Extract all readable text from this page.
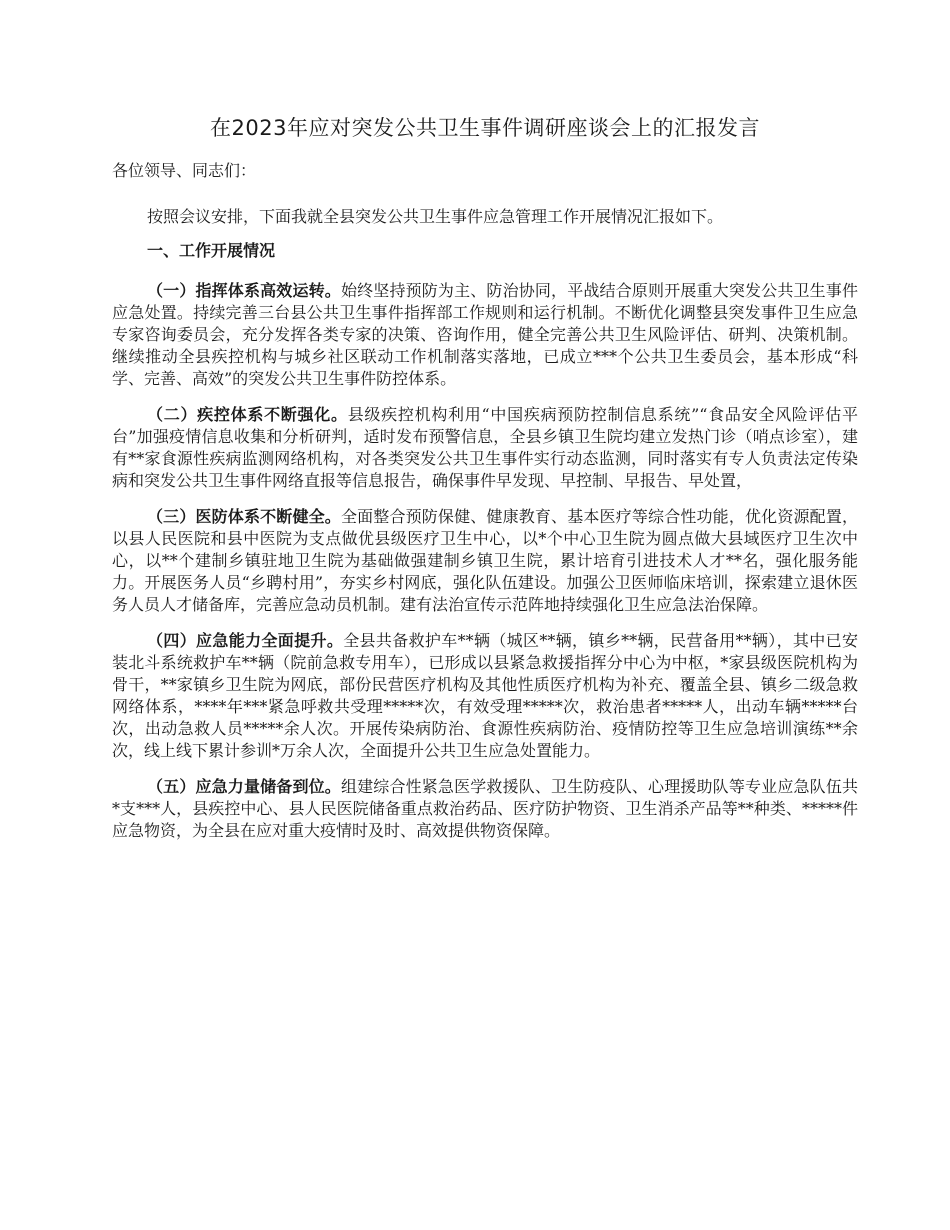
在2023年应对突发公共卫生事件调研座谈会上的汇报发言

各位领导、同志们：

按照会议安排，下面我就全县突发公共卫生事件应急管理工作开展情况汇报如下。

一、工作开展情况

（一）指挥体系高效运转。始终坚持预防为主、防治协同，平战结合原则开展重大突发公共卫生事件应急处置。持续完善三台县公共卫生事件指挥部工作规则和运行机制。不断优化调整县突发事件卫生应急专家咨询委员会，充分发挥各类专家的决策、咨询作用，健全完善公共卫生风险评估、研判、决策机制。继续推动全县疾控机构与城乡社区联动工作机制落实落地，已成立***个公共卫生委员会，基本形成“科学、完善、高效”的突发公共卫生事件防控体系。

（二）疾控体系不断强化。县级疾控机构利用“中国疾病预防控制信息系统”“食品安全风险评估平台”加强疫情信息收集和分析研判，适时发布预警信息，全县乡镇卫生院均建立发热门诊（哨点诊室），建有**家食源性疾病监测网络机构，对各类突发公共卫生事件实行动态监测，同时落实有专人负责法定传染病和突发公共卫生事件网络直报等信息报告，确保事件早发现、早控制、早报告、早处置，

（三）医防体系不断健全。全面整合预防保健、健康教育、基本医疗等综合性功能，优化资源配置，以县人民医院和县中医院为支点做优县级医疗卫生中心，以*个中心卫生院为圆点做大县域医疗卫生次中心，以**个建制乡镇驻地卫生院为基础做强建制乡镇卫生院，累计培育引进技术人才**名，强化服务能力。开展医务人员“乡聘村用”，夯实乡村网底，强化队伍建设。加强公卫医师临床培训，探索建立退休医务人员人才储备库，完善应急动员机制。建有法治宣传示范阵地持续强化卫生应急法治保障。

（四）应急能力全面提升。全县共备救护车**辆（城区**辆，镇乡**辆，民营备用**辆），其中已安装北斗系统救护车**辆（院前急救专用车），已形成以县紧急救援指挥分中心为中枢，*家县级医院机构为骨干，**家镇乡卫生院为网底，部份民营医疗机构及其他性质医疗机构为补充、覆盖全县、镇乡二级急救网络体系，****年***紧急呼救共受理*****次，有效受理*****次，救治患者*****人，出动车辆*****台次，出动急救人员*****余人次。开展传染病防治、食源性疾病防治、疫情防控等卫生应急培训演练**余次，线上线下累计参训*万余人次，全面提升公共卫生应急处置能力。

（五）应急力量储备到位。组建综合性紧急医学救援队、卫生防疫队、心理援助队等专业应急队伍共*支***人，县疾控中心、县人民医院储备重点救治药品、医疗防护物资、卫生消杀产品等**种类、*****件应急物资，为全县在应对重大疫情时及时、高效提供物资保障。
